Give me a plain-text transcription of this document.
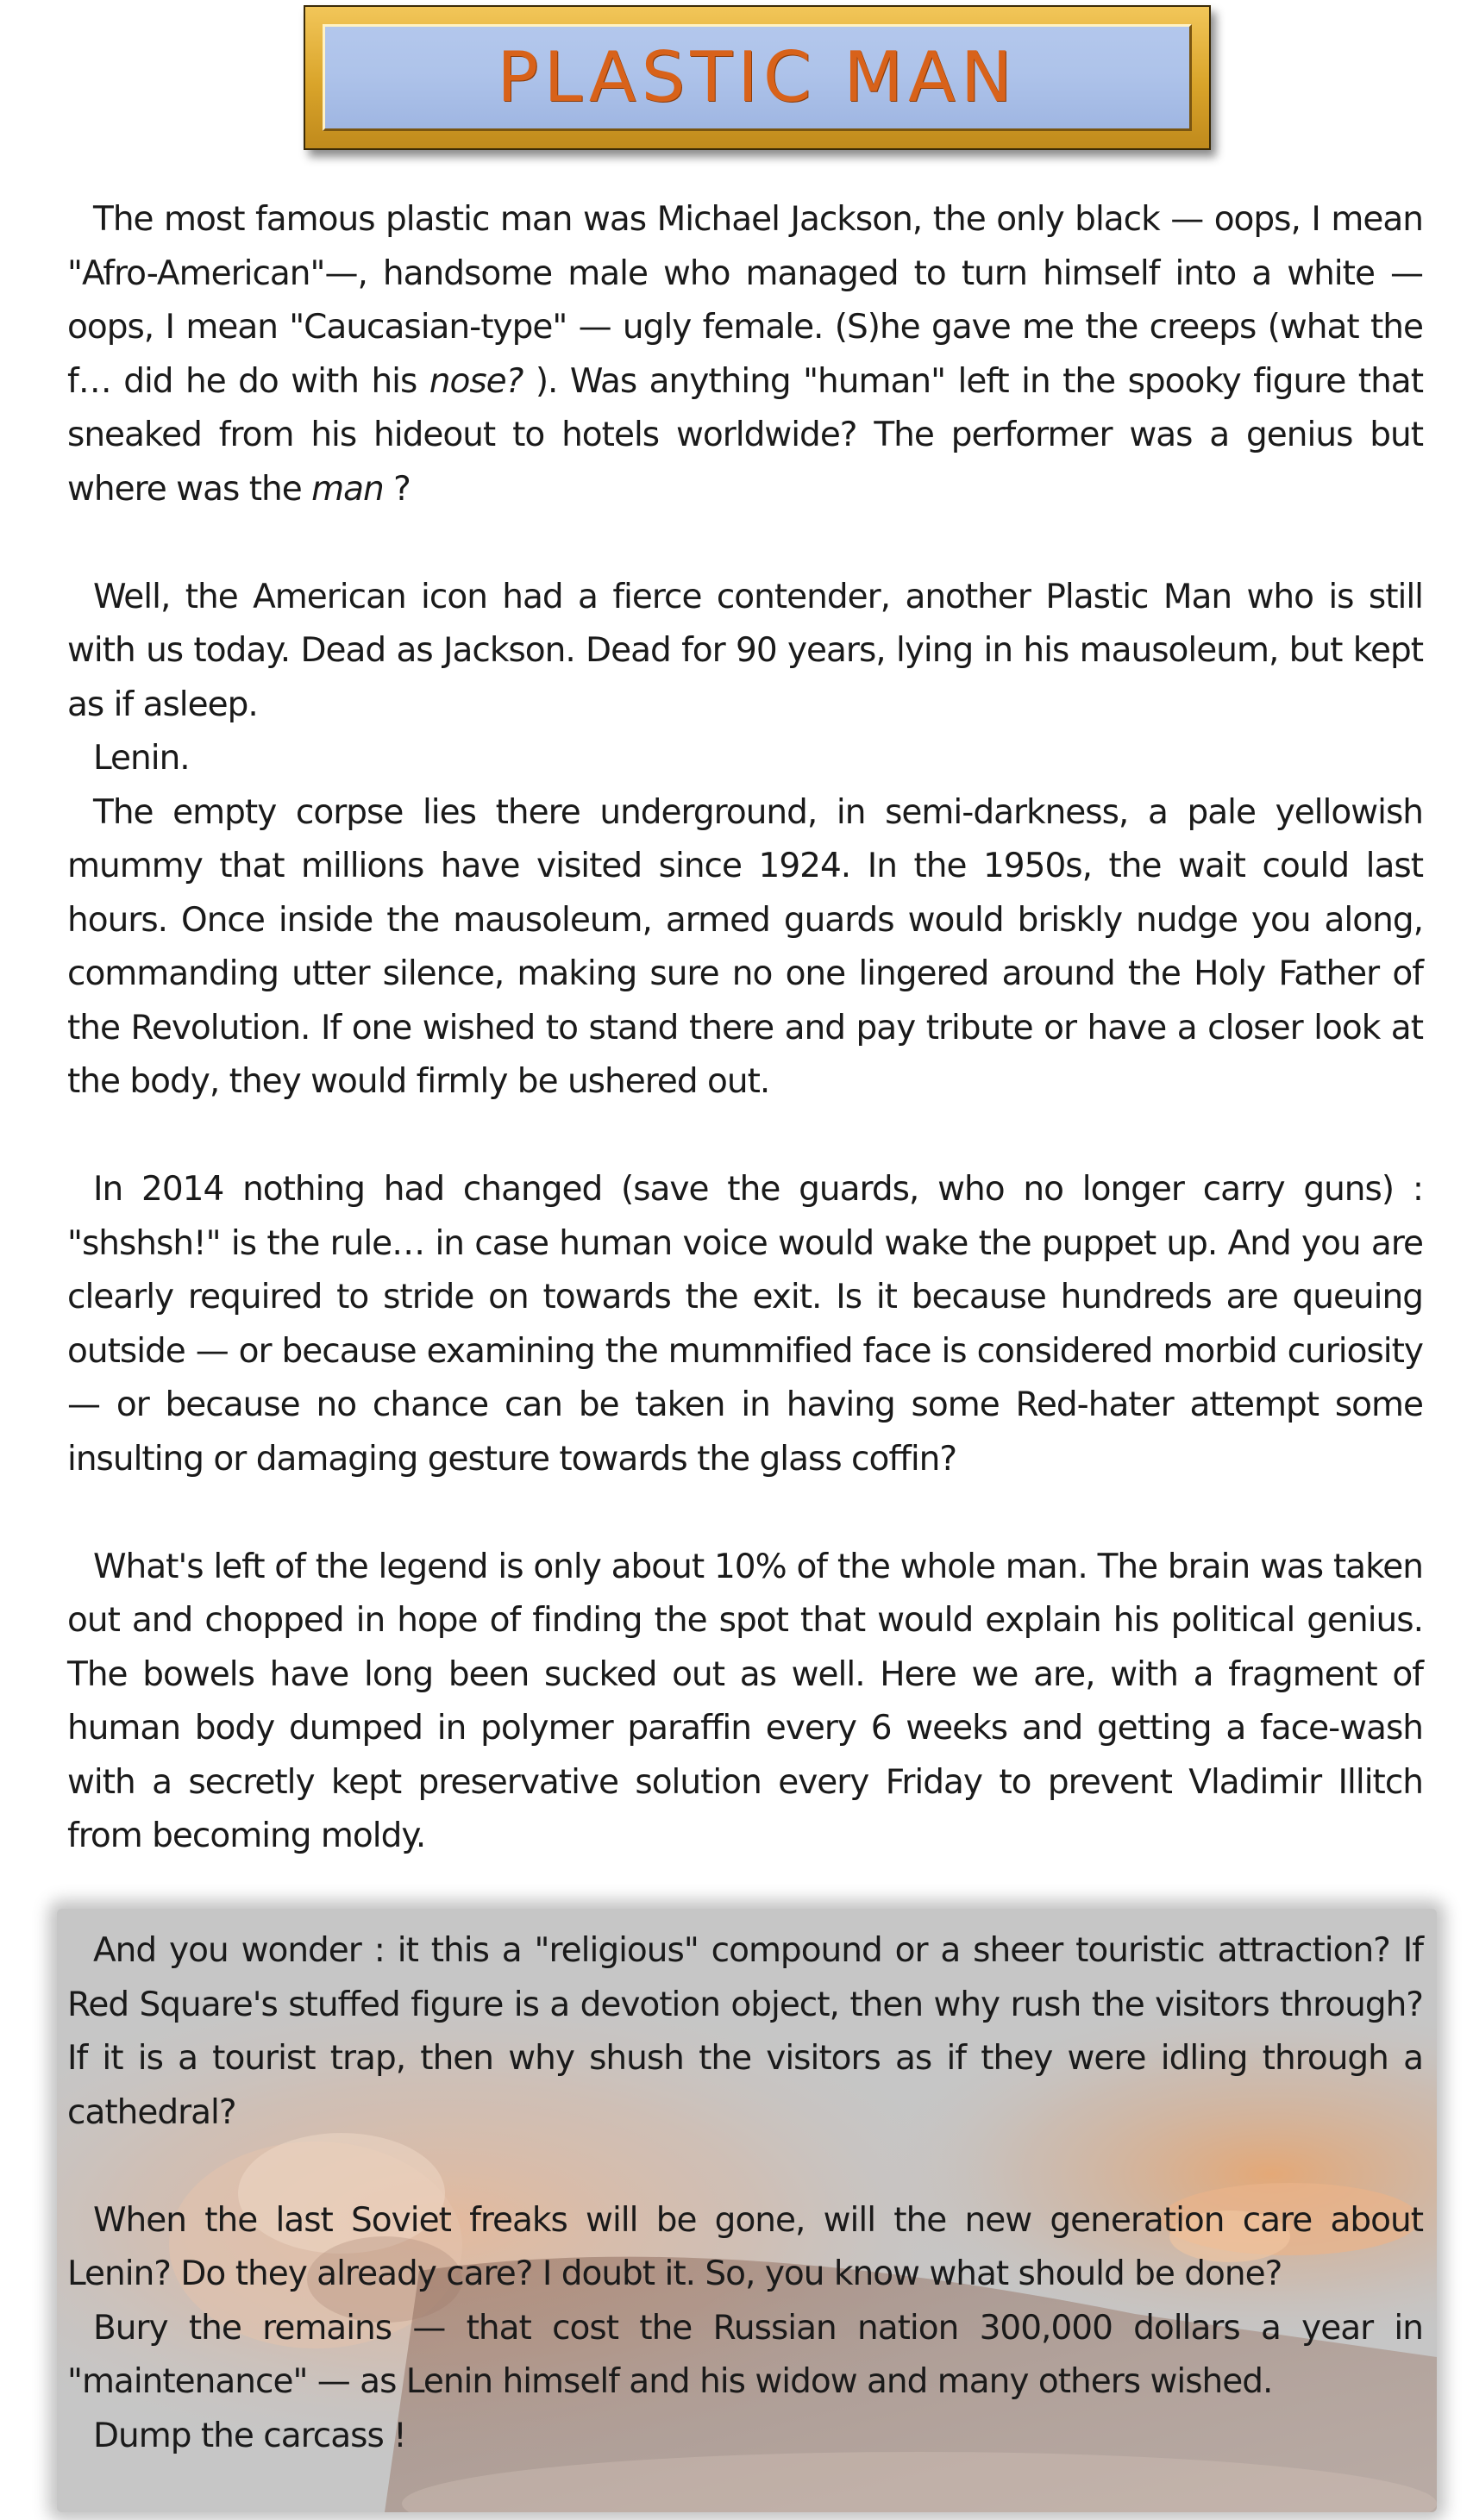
PLASTIC MAN

The most famous plastic man was Michael Jackson, the only black — oops, I mean "Afro-American"—, handsome male who managed to turn himself into a white — oops, I mean "Caucasian-type" — ugly female. (S)he gave me the creeps (what the f… did he do with his nose? ). Was anything "human" left in the spooky figure that sneaked from his hideout to hotels worldwide? The performer was a genius but where was the man ?

Well, the American icon had a fierce contender, another Plastic Man who is still with us today. Dead as Jackson. Dead for 90 years, lying in his mausoleum, but kept as if asleep.

Lenin.

The empty corpse lies there underground, in semi-darkness, a pale yellowish mummy that millions have visited since 1924. In the 1950s, the wait could last hours. Once inside the mausoleum, armed guards would briskly nudge you along, commanding utter silence, making sure no one lingered around the Holy Father of the Revolution. If one wished to stand there and pay tribute or have a closer look at the body, they would firmly be ushered out.

In 2014 nothing had changed (save the guards, who no longer carry guns) : "shshsh!" is the rule… in case human voice would wake the puppet up. And you are clearly required to stride on towards the exit. Is it because hundreds are queuing outside — or because examining the mummified face is considered morbid curiosity — or because no chance can be taken in having some Red-hater attempt some insulting or damaging gesture towards the glass coffin?

What's left of the legend is only about 10% of the whole man. The brain was taken out and chopped in hope of finding the spot that would explain his political genius. The bowels have long been sucked out as well. Here we are, with a fragment of human body dumped in polymer paraffin every 6 weeks and getting a face-wash with a secretly kept preservative solution every Friday to prevent Vladimir Illitch from becoming moldy.

And you wonder : it this a "religious" compound or a sheer touristic attraction? If Red Square's stuffed figure is a devotion object, then why rush the visitors through? If it is a tourist trap, then why shush the visitors as if they were idling through a cathedral?

When the last Soviet freaks will be gone, will the new generation care about Lenin? Do they already care? I doubt it. So, you know what should be done?

Bury the remains — that cost the Russian nation 300,000 dollars a year in "maintenance" — as Lenin himself and his widow and many others wished.

Dump the carcass !
